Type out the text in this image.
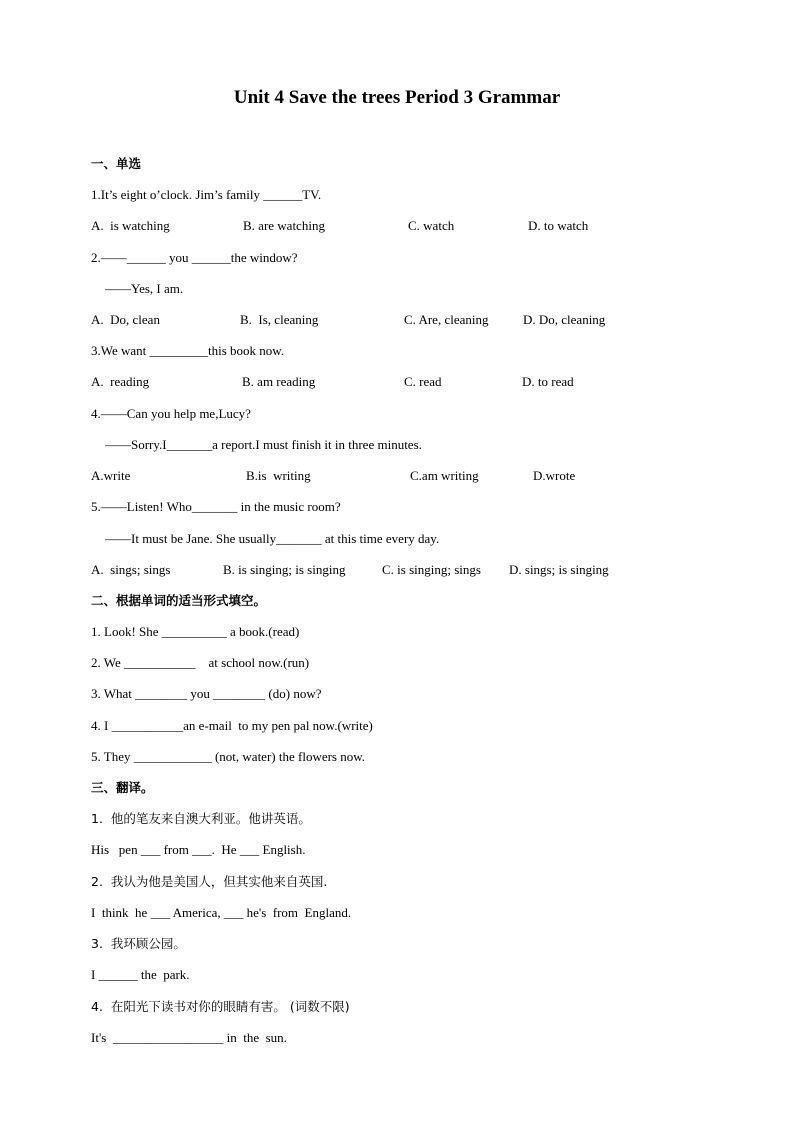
Unit 4 Save the trees Period 3 Grammar
一、单选
1.It’s eight o’clock. Jim’s family ______TV.
A.  is watching	B. are watching	C. watch	D. to watch
2.——______ you ______the window?
——Yes, I am.
A.  Do, clean	B.  Is, cleaning	C. Are, cleaning	D. Do, cleaning
3.We want _________this book now.
A.  reading	B. am reading	C. read	D. to read
4.——Can you help me,Lucy?
——Sorry.I_______a report.I must finish it in three minutes.
A.write	B.is  writing	C.am writing	D.wrote
5.——Listen! Who_______ in the music room?
——It must be Jane. She usually_______ at this time every day.
A.  sings; sings	B. is singing; is singing	C. is singing; sings D. sings; is singing
二、根据单词的适当形式填空。
1. Look! She __________ a book.(read)
2. We ___________    at school now.(run)
3. What ________ you ________ (do) now?
4. I ___________an e-mail  to my pen pal now.(write)
5. They ____________ (not, water) the flowers now.
三、翻译。
1.  他的笔友来自澳大利亚。他讲英语。
His   pen ___ from ___.  He ___ English.
2.  我认为他是美国人，但其实他来自英国.
I  think  he ___ America, ___ he's  from  England.
3.  我环顾公园。
I ______ the  park.
4.  在阳光下读书对你的眼睛有害。 (词数不限)
It's  _________________ in  the  sun.
